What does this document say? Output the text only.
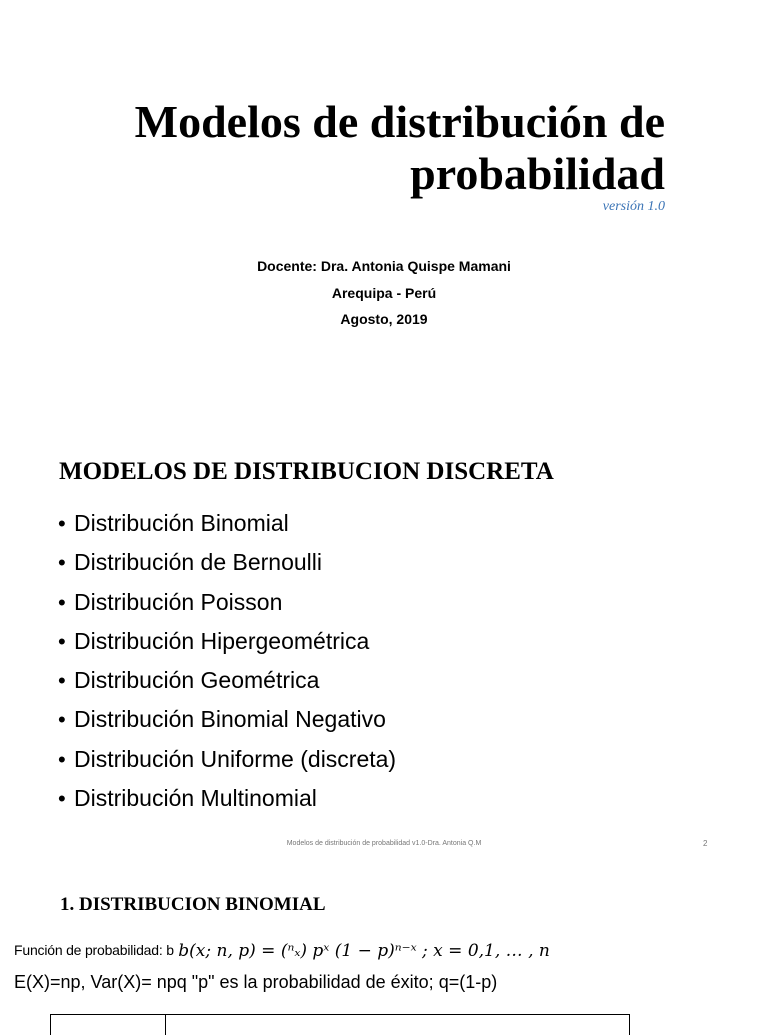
Modelos de distribución de
probabilidad
versión 1.0
Docente: Dra. Antonia Quispe Mamani
Arequipa - Perú
Agosto, 2019
MODELOS DE DISTRIBUCION DISCRETA
• Distribución Binomial
• Distribución de Bernoulli
• Distribución Poisson
• Distribución Hipergeométrica
• Distribución Geométrica
• Distribución Binomial Negativo
• Distribución Uniforme (discreta)
• Distribución Multinomial
Modelos de distribución de probabilidad v1.0-Dra. Antonia Q.M	2
1. DISTRIBUCION BINOMIAL
Función de probabilidad: b b(x; n, p) = (ⁿₓ) pˣ (1 − p)ⁿ⁻ˣ ; x = 0,1, … , n
E(X)=np, Var(X)= npq "p" es la probabilidad de éxito; q=(1-p)
